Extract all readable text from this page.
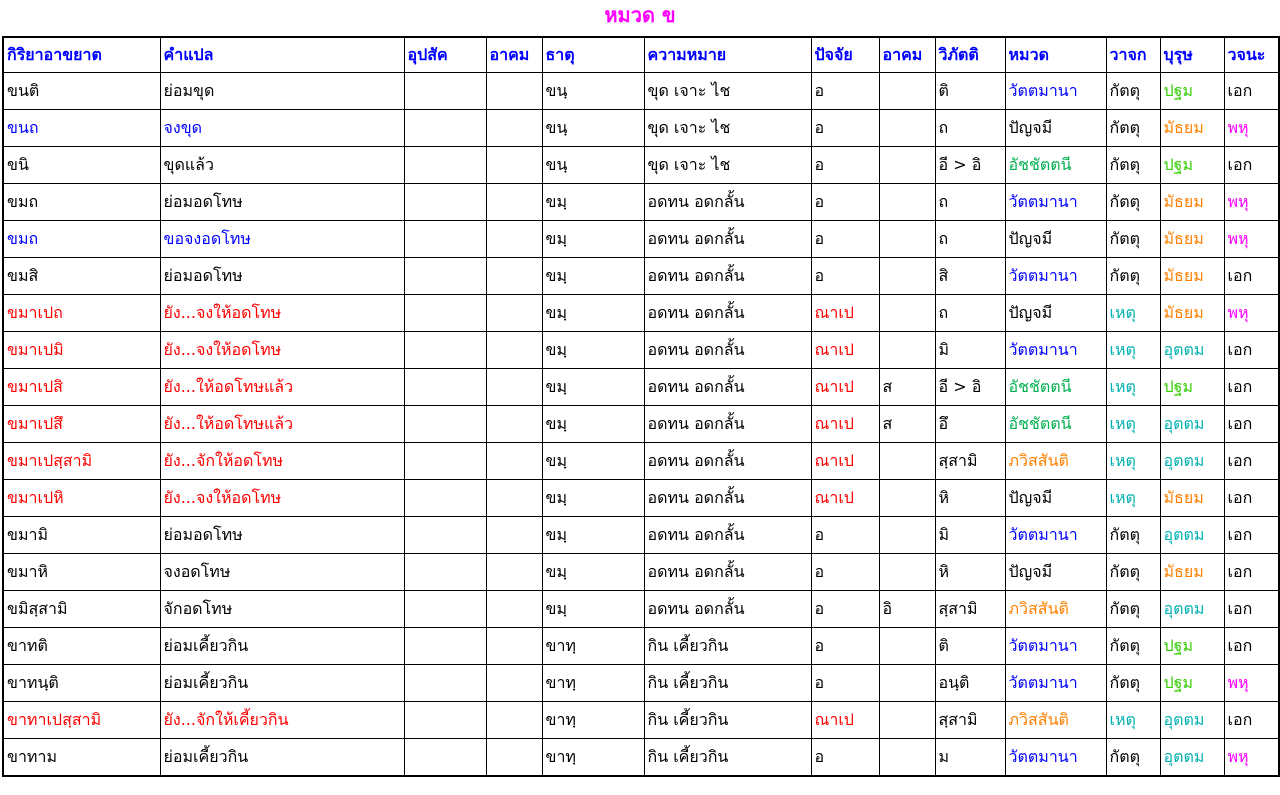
หมวด ข
กิริยาอาขยาต	คำแปล	อุปสัค	อาคม	ธาตุ	ความหมาย	ปัจจัย	อาคม	วิภัตติ	หมวด	วาจก	บุรุษ	วจนะ
ขนติ	ย่อมขุด			ขนฺ	ขุด เจาะ ไช	อ		ติ	วัตตมานา	กัตตุ	ปฐม	เอก
ขนถ	จงขุด			ขนฺ	ขุด เจาะ ไช	อ		ถ	ปัญจมี	กัตตุ	มัธยม	พหุ
ขนิ	ขุดแล้ว			ขนฺ	ขุด เจาะ ไช	อ		อี > อิ	อัชชัตตนี	กัตตุ	ปฐม	เอก
ขมถ	ย่อมอดโทษ			ขมฺ	อดทน อดกลั้น	อ		ถ	วัตตมานา	กัตตุ	มัธยม	พหุ
ขมถ	ขอจงอดโทษ			ขมฺ	อดทน อดกลั้น	อ		ถ	ปัญจมี	กัตตุ	มัธยม	พหุ
ขมสิ	ย่อมอดโทษ			ขมฺ	อดทน อดกลั้น	อ		สิ	วัตตมานา	กัตตุ	มัธยม	เอก
ขมาเปถ	ยัง...จงให้อดโทษ			ขมฺ	อดทน อดกลั้น	ณาเป		ถ	ปัญจมี	เหตุ	มัธยม	พหุ
ขมาเปมิ	ยัง...จงให้อดโทษ			ขมฺ	อดทน อดกลั้น	ณาเป		มิ	วัตตมานา	เหตุ	อุตตม	เอก
ขมาเปสิ	ยัง...ให้อดโทษแล้ว			ขมฺ	อดทน อดกลั้น	ณาเป	ส	อี > อิ	อัชชัตตนี	เหตุ	ปฐม	เอก
ขมาเปสึ	ยัง...ให้อดโทษแล้ว			ขมฺ	อดทน อดกลั้น	ณาเป	ส	อึ	อัชชัตตนี	เหตุ	อุตตม	เอก
ขมาเปสฺสามิ	ยัง...จักให้อดโทษ			ขมฺ	อดทน อดกลั้น	ณาเป		สฺสามิ	ภวิสสันติ	เหตุ	อุตตม	เอก
ขมาเปหิ	ยัง...จงให้อดโทษ			ขมฺ	อดทน อดกลั้น	ณาเป		หิ	ปัญจมี	เหตุ	มัธยม	เอก
ขมามิ	ย่อมอดโทษ			ขมฺ	อดทน อดกลั้น	อ		มิ	วัตตมานา	กัตตุ	อุตตม	เอก
ขมาหิ	จงอดโทษ			ขมฺ	อดทน อดกลั้น	อ		หิ	ปัญจมี	กัตตุ	มัธยม	เอก
ขมิสฺสามิ	จักอดโทษ			ขมฺ	อดทน อดกลั้น	อ	อิ	สฺสามิ	ภวิสสันติ	กัตตุ	อุตตม	เอก
ขาทติ	ย่อมเคี้ยวกิน			ขาทฺ	กิน เคี้ยวกิน	อ		ติ	วัตตมานา	กัตตุ	ปฐม	เอก
ขาทนฺติ	ย่อมเคี้ยวกิน			ขาทฺ	กิน เคี้ยวกิน	อ		อนฺติ	วัตตมานา	กัตตุ	ปฐม	พหุ
ขาทาเปสฺสามิ	ยัง...จักให้เคี้ยวกิน			ขาทฺ	กิน เคี้ยวกิน	ณาเป		สฺสามิ	ภวิสสันติ	เหตุ	อุตตม	เอก
ขาทาม	ย่อมเคี้ยวกิน			ขาทฺ	กิน เคี้ยวกิน	อ		ม	วัตตมานา	กัตตุ	อุตตม	พหุ
